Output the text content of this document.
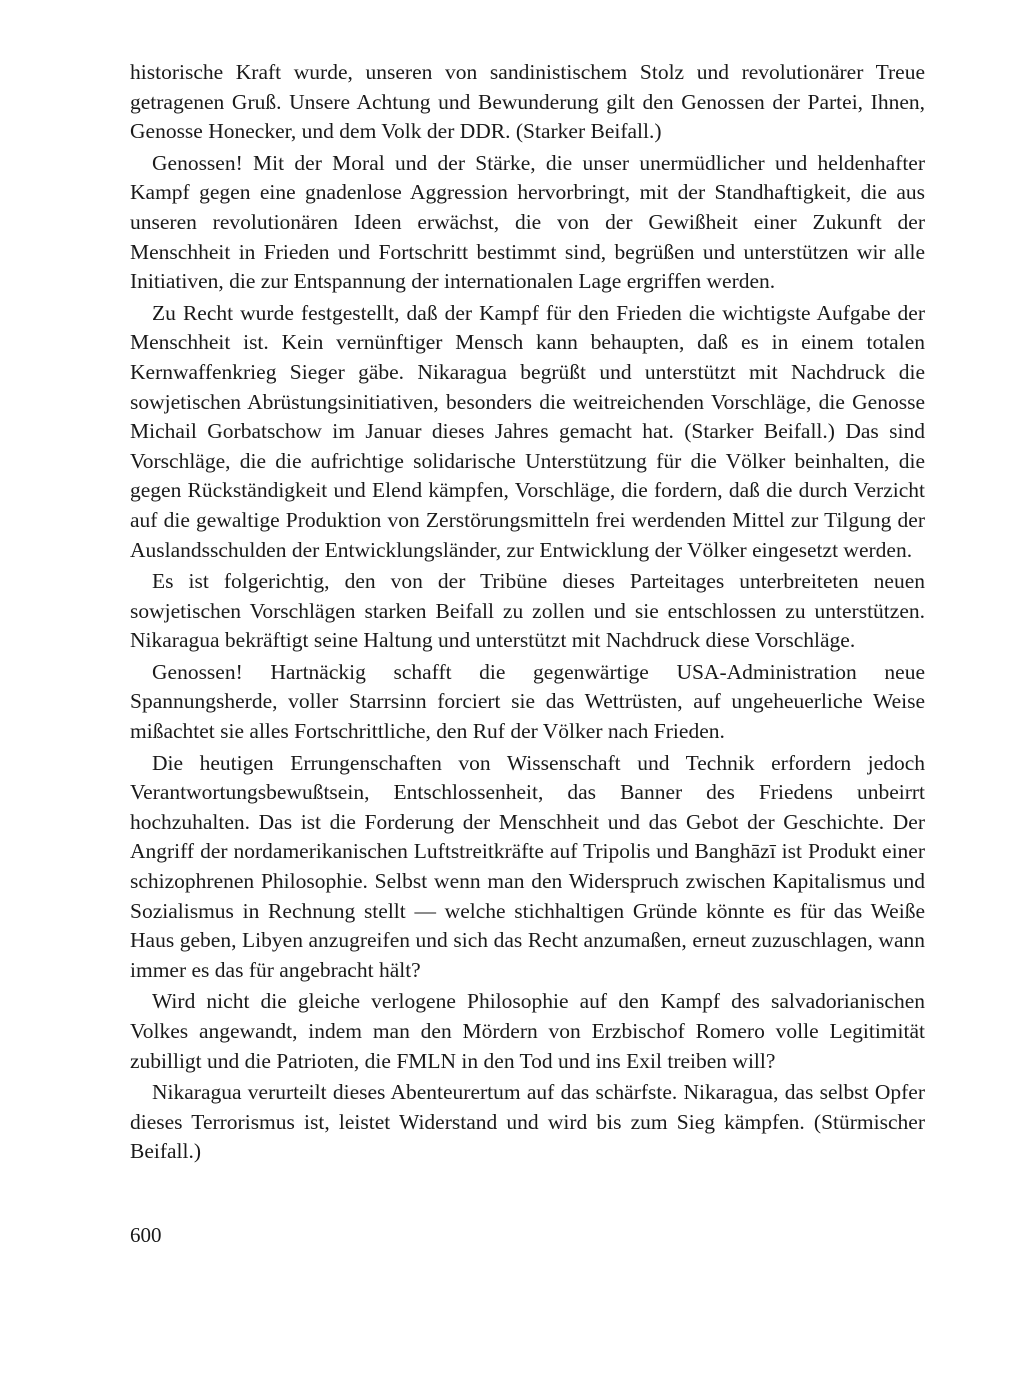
historische Kraft wurde, unseren von sandinistischem Stolz und revolutionärer Treue getragenen Gruß. Unsere Achtung und Bewunderung gilt den Genossen der Partei, Ihnen, Genosse Honecker, und dem Volk der DDR. (Starker Beifall.)

Genossen! Mit der Moral und der Stärke, die unser unermüdlicher und heldenhafter Kampf gegen eine gnadenlose Aggression hervorbringt, mit der Standhaftigkeit, die aus unseren revolutionären Ideen erwächst, die von der Gewißheit einer Zukunft der Menschheit in Frieden und Fortschritt bestimmt sind, begrüßen und unterstützen wir alle Initiativen, die zur Entspannung der internationalen Lage ergriffen werden.

Zu Recht wurde festgestellt, daß der Kampf für den Frieden die wichtigste Aufgabe der Menschheit ist. Kein vernünftiger Mensch kann behaupten, daß es in einem totalen Kernwaffenkrieg Sieger gäbe. Nikaragua begrüßt und unterstützt mit Nachdruck die sowjetischen Abrüstungsinitiativen, besonders die weitreichenden Vorschläge, die Genosse Michail Gorbatschow im Januar dieses Jahres gemacht hat. (Starker Beifall.) Das sind Vorschläge, die die aufrichtige solidarische Unterstützung für die Völker beinhalten, die gegen Rückständigkeit und Elend kämpfen, Vorschläge, die fordern, daß die durch Verzicht auf die gewaltige Produktion von Zerstörungsmitteln frei werdenden Mittel zur Tilgung der Auslandsschulden der Entwicklungsländer, zur Entwicklung der Völker eingesetzt werden.

Es ist folgerichtig, den von der Tribüne dieses Parteitages unterbreiteten neuen sowjetischen Vorschlägen starken Beifall zu zollen und sie entschlossen zu unterstützen. Nikaragua bekräftigt seine Haltung und unterstützt mit Nachdruck diese Vorschläge.

Genossen! Hartnäckig schafft die gegenwärtige USA-Administration neue Spannungsherde, voller Starrsinn forciert sie das Wettrüsten, auf ungeheuerliche Weise mißachtet sie alles Fortschrittliche, den Ruf der Völker nach Frieden.

Die heutigen Errungenschaften von Wissenschaft und Technik erfordern jedoch Verantwortungsbewußtsein, Entschlossenheit, das Banner des Friedens unbeirrt hochzuhalten. Das ist die Forderung der Menschheit und das Gebot der Geschichte. Der Angriff der nordamerikanischen Luftstreitkräfte auf Tripolis und Banghāzī ist Produkt einer schizophrenen Philosophie. Selbst wenn man den Widerspruch zwischen Kapitalismus und Sozialismus in Rechnung stellt — welche stichhaltigen Gründe könnte es für das Weiße Haus geben, Libyen anzugreifen und sich das Recht anzumaßen, erneut zuzuschlagen, wann immer es das für angebracht hält?

Wird nicht die gleiche verlogene Philosophie auf den Kampf des salvadorianischen Volkes angewandt, indem man den Mördern von Erzbischof Romero volle Legitimität zubilligt und die Patrioten, die FMLN in den Tod und ins Exil treiben will?

Nikaragua verurteilt dieses Abenteurertum auf das schärfste. Nikaragua, das selbst Opfer dieses Terrorismus ist, leistet Widerstand und wird bis zum Sieg kämpfen. (Stürmischer Beifall.)

600
